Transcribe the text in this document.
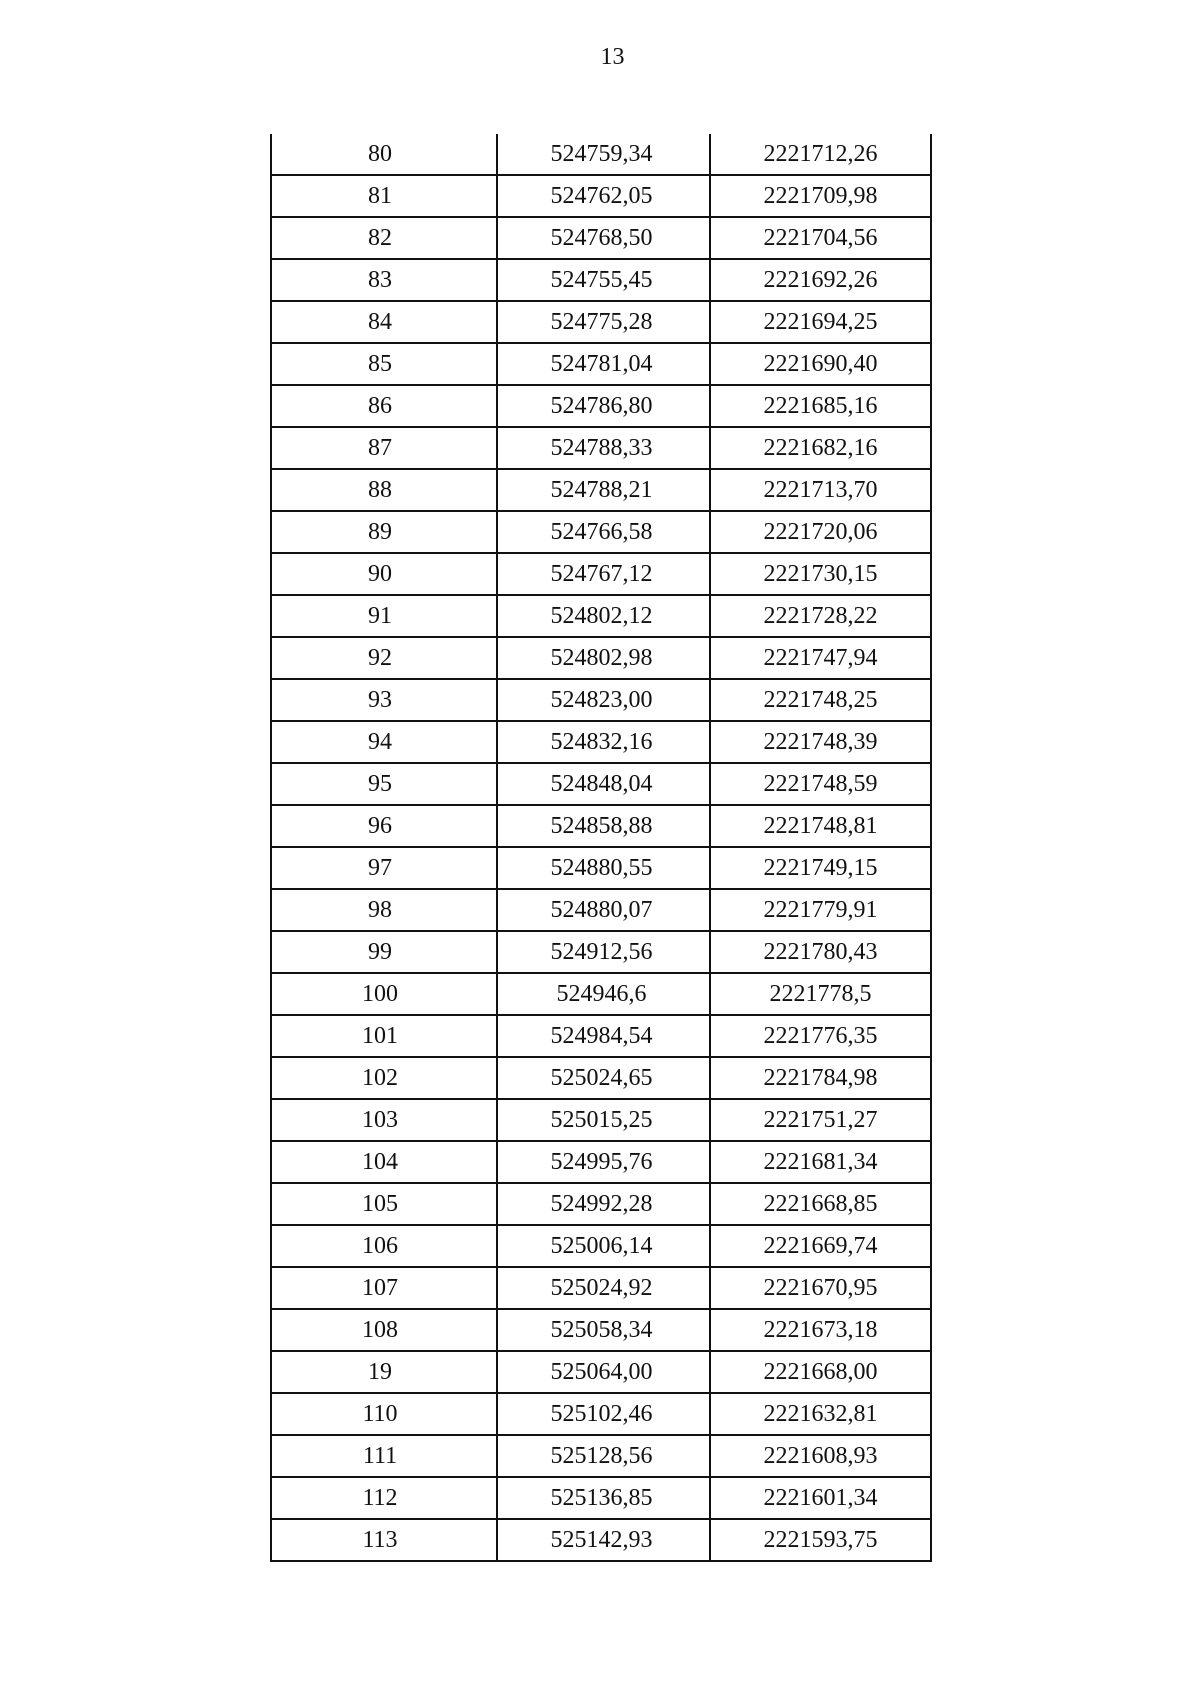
13
80	524759,34	2221712,26
81	524762,05	2221709,98
82	524768,50	2221704,56
83	524755,45	2221692,26
84	524775,28	2221694,25
85	524781,04	2221690,40
86	524786,80	2221685,16
87	524788,33	2221682,16
88	524788,21	2221713,70
89	524766,58	2221720,06
90	524767,12	2221730,15
91	524802,12	2221728,22
92	524802,98	2221747,94
93	524823,00	2221748,25
94	524832,16	2221748,39
95	524848,04	2221748,59
96	524858,88	2221748,81
97	524880,55	2221749,15
98	524880,07	2221779,91
99	524912,56	2221780,43
100	524946,6	2221778,5
101	524984,54	2221776,35
102	525024,65	2221784,98
103	525015,25	2221751,27
104	524995,76	2221681,34
105	524992,28	2221668,85
106	525006,14	2221669,74
107	525024,92	2221670,95
108	525058,34	2221673,18
19	525064,00	2221668,00
110	525102,46	2221632,81
111	525128,56	2221608,93
112	525136,85	2221601,34
113	525142,93	2221593,75
